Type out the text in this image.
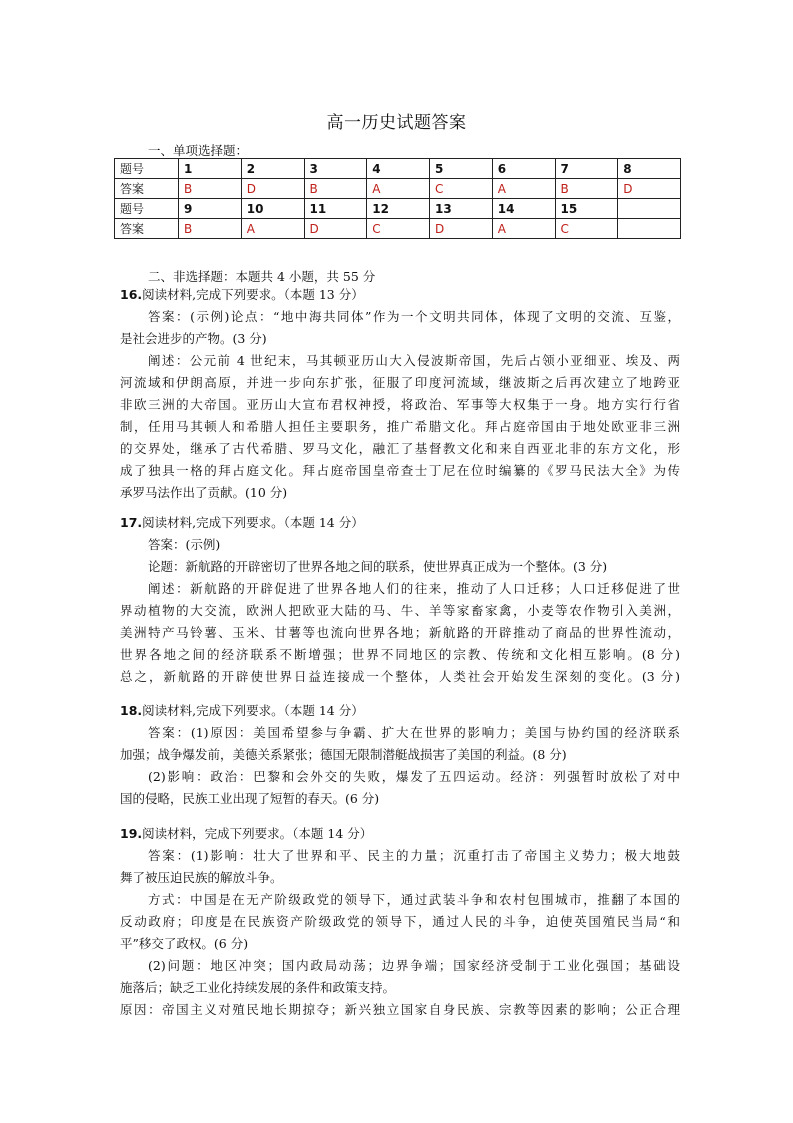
高一历史试题答案
一、单项选择题：
题号	1	2	3	4	5	6	7	8
答案	B	D	B	A	C	A	B	D
题号	9	10	11	12	13	14	15	
答案	B	A	D	C	D	A	C	
二、非选择题：本题共 4 小题，共 55 分
16.阅读材料,完成下列要求。（本题 13 分）
答案：(示例)论点：“地中海共同体”作为一个文明共同体，体现了文明的交流、互鉴，
是社会进步的产物。(3 分)
阐述：公元前 4 世纪末，马其顿亚历山大入侵波斯帝国，先后占领小亚细亚、埃及、两
河流域和伊朗高原，并进一步向东扩张，征服了印度河流域，继波斯之后再次建立了地跨亚
非欧三洲的大帝国。亚历山大宣布君权神授，将政治、军事等大权集于一身。地方实行行省
制，任用马其顿人和希腊人担任主要职务，推广希腊文化。拜占庭帝国由于地处欧亚非三洲
的交界处，继承了古代希腊、罗马文化，融汇了基督教文化和来自西亚北非的东方文化，形
成了独具一格的拜占庭文化。拜占庭帝国皇帝查士丁尼在位时编纂的《罗马民法大全》为传
承罗马法作出了贡献。(10 分)
17.阅读材料,完成下列要求。（本题 14 分）
答案：(示例)
论题：新航路的开辟密切了世界各地之间的联系，使世界真正成为一个整体。(3 分)
阐述：新航路的开辟促进了世界各地人们的往来，推动了人口迁移；人口迁移促进了世
界动植物的大交流，欧洲人把欧亚大陆的马、牛、羊等家畜家禽，小麦等农作物引入美洲，
美洲特产马铃薯、玉米、甘薯等也流向世界各地；新航路的开辟推动了商品的世界性流动，
世界各地之间的经济联系不断增强；世界不同地区的宗教、传统和文化相互影响。(8 分)
总之，新航路的开辟使世界日益连接成一个整体，人类社会开始发生深刻的变化。(3 分)
18.阅读材料,完成下列要求。（本题 14 分）
答案：(1)原因：美国希望参与争霸、扩大在世界的影响力；美国与协约国的经济联系
加强；战争爆发前，美德关系紧张；德国无限制潜艇战损害了美国的利益。(8 分)
(2)影响：政治：巴黎和会外交的失败，爆发了五四运动。经济：列强暂时放松了对中
国的侵略，民族工业出现了短暂的春天。(6 分)
19.阅读材料，完成下列要求。（本题 14 分）
答案：(1)影响：壮大了世界和平、民主的力量；沉重打击了帝国主义势力；极大地鼓
舞了被压迫民族的解放斗争。
方式：中国是在无产阶级政党的领导下，通过武装斗争和农村包围城市，推翻了本国的
反动政府；印度是在民族资产阶级政党的领导下，通过人民的斗争，迫使英国殖民当局“和
平”移交了政权。(6 分)
(2)问题：地区冲突；国内政局动荡；边界争端；国家经济受制于工业化强国；基础设
施落后；缺乏工业化持续发展的条件和政策支持。
原因：帝国主义对殖民地长期掠夺；新兴独立国家自身民族、宗教等因素的影响；公正合理
